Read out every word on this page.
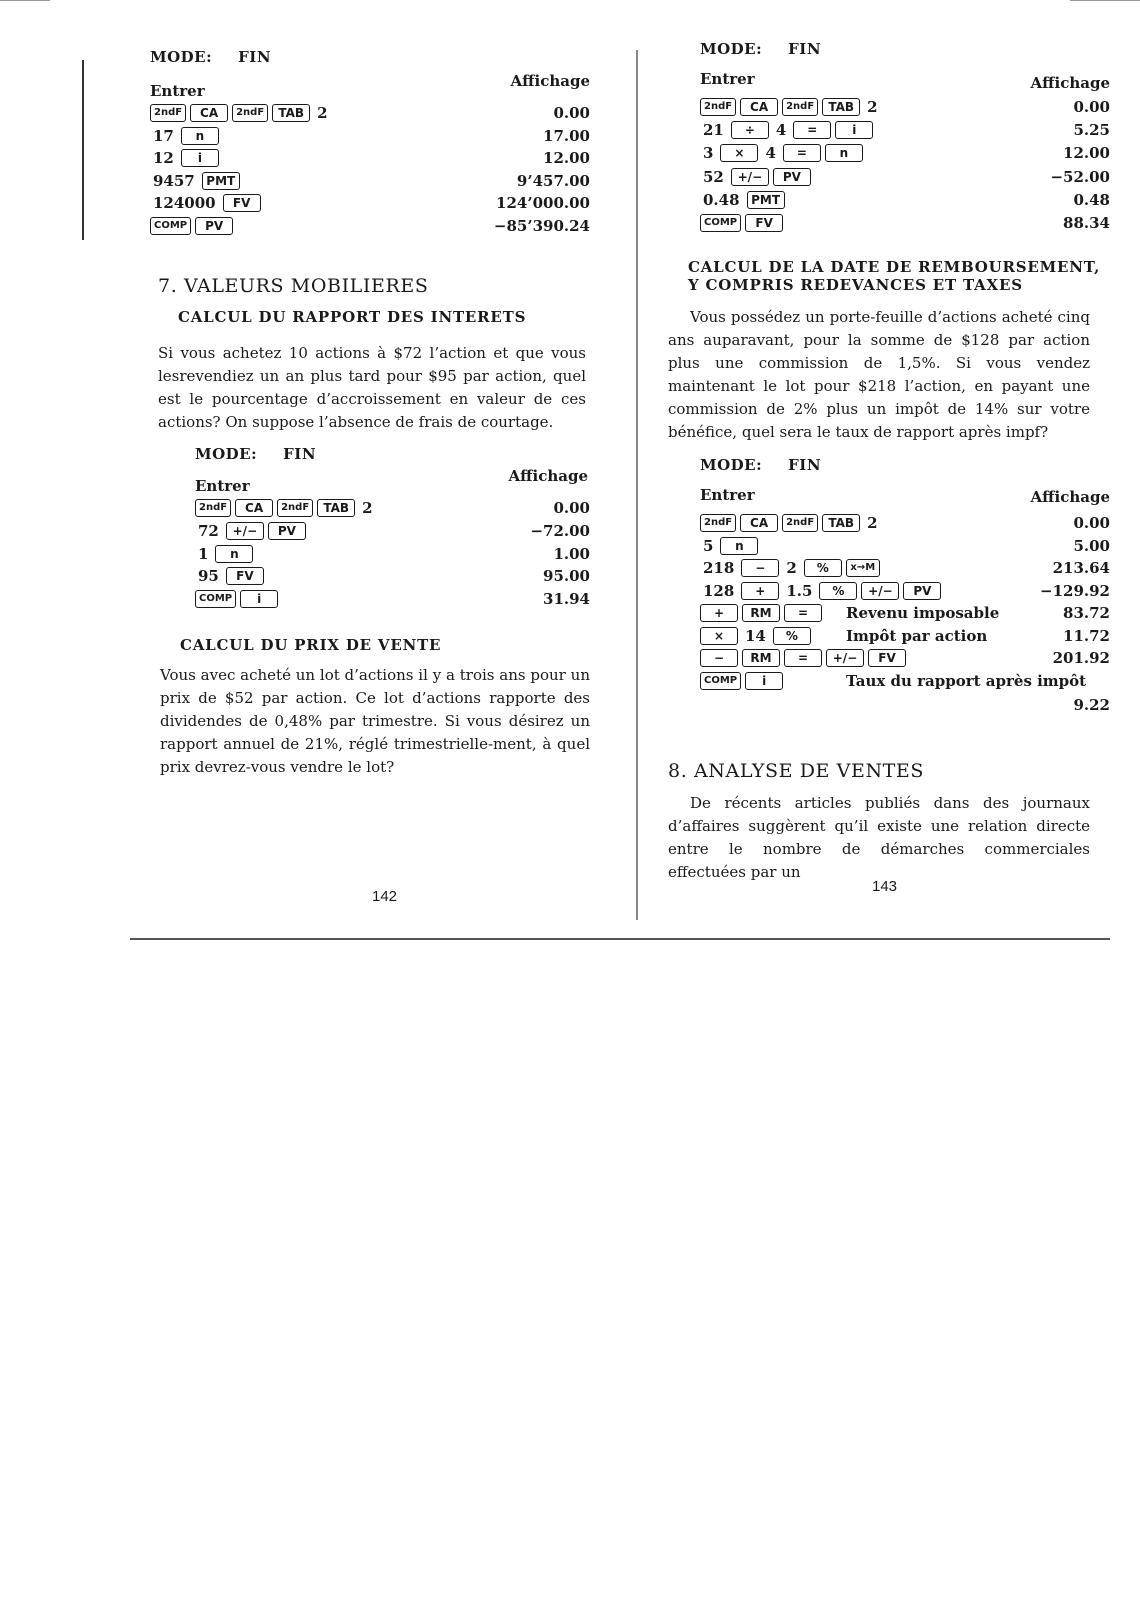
MODE: FIN
Entrer
Affichage
2ndF	CA	2ndF	TAB 2	0.00
17	n	17.00
12	i	12.00
9457 PMT	9’457.00
124000	FV	124’000.00
COMP	PV	−85’390.24
7. VALEURS MOBILIERES
CALCUL DU RAPPORT DES INTERETS

Si vous achetez 10 actions à $72 l’action et que vous lesrevendiez un an plus tard pour $95 par action, quel est le pourcentage d’accroissement en valeur de ces actions? On suppose l’absence de frais de courtage.

MODE: FIN
Entrer
Affichage
2ndF	CA	2ndF	TAB 2	0.00
72	+/−	PV	−72.00
1	n	1.00
95	FV	95.00
COMP	i	31.94
CALCUL DU PRIX DE VENTE

Vous avec acheté un lot d’actions il y a trois ans pour un prix de $52 par action. Ce lot d’actions rapporte des dividendes de 0,48% par trimestre. Si vous désirez un rapport annuel de 21%, réglé trimestrielle-ment, à quel prix devrez-vous vendre le lot?

142
MODE: FIN
Entrer	Affichage
2ndF	CA	2ndF	TAB 2	0.00
21	÷	4	=	i	5.25
3	×	4	=	n	12.00
52	+/−	PV	−52.00
0.48 PMT	0.48
COMP	FV	88.34
CALCUL DE LA DATE DE REMBOURSEMENT,
Y COMPRIS REDEVANCES ET TAXES

Vous possédez un porte-feuille d’actions acheté cinq ans auparavant, pour la somme de $128 par action plus une commission de 1,5%. Si vous vendez maintenant le lot pour $218 l’action, en payant une commission de 2% plus un impôt de 14% sur votre bénéfice, quel sera le taux de rapport après impf?

MODE: FIN
Entrer	Affichage
2ndF	CA	2ndF	TAB 2	0.00
5	n	5.00
218	−	2	%	x→M	213.64
128	+	1.5	%	+/−	PV	−129.92
+	RM	=	Revenu imposable	83.72
×	14	%	Impôt par action	11.72
−	RM	=	+/−	FV	201.92
COMP	i	Taux du rapport après impôt
9.22
8. ANALYSE DE VENTES

De récents articles publiés dans des journaux d’affaires suggèrent qu’il existe une relation directe entre le nombre de démarches commerciales effectuées par un

143
